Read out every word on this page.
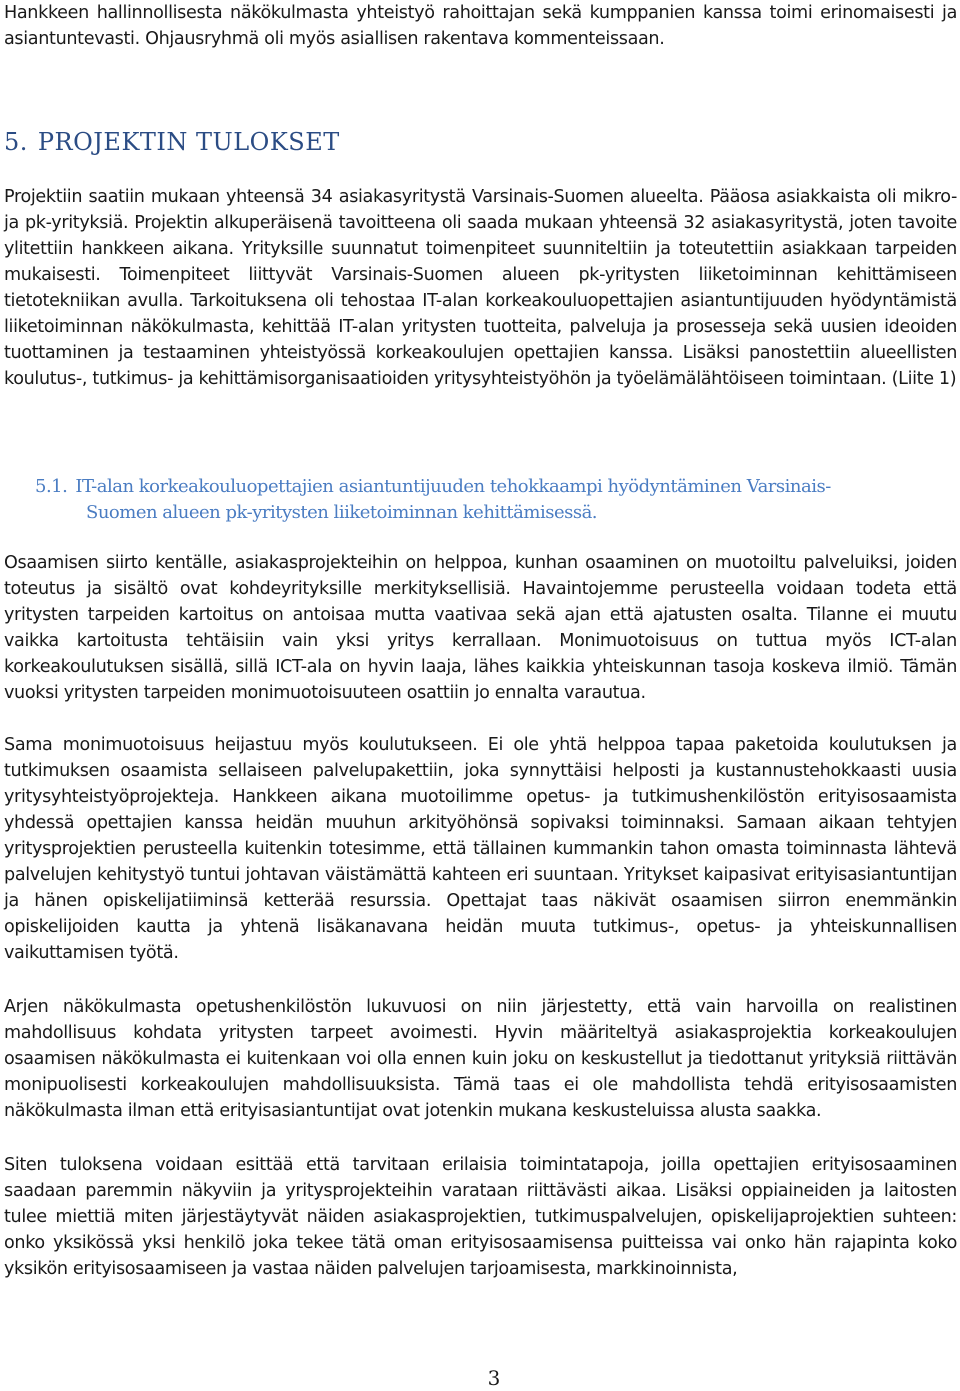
Hankkeen hallinnollisesta näkökulmasta yhteistyö rahoittajan sekä kumppanien kanssa toimi erinomaisesti ja asiantuntevasti. Ohjausryhmä oli myös asiallisen rakentava kommenteissaan.

5. PROJEKTIN TULOKSET

Projektiin saatiin mukaan yhteensä 34 asiakasyritystä Varsinais-Suomen alueelta. Pääosa asiakkaista oli mikro- ja pk-yrityksiä. Projektin alkuperäisenä tavoitteena oli saada mukaan yhteensä 32 asiakasyritystä, joten tavoite ylitettiin hankkeen aikana. Yrityksille suunnatut toimenpiteet suunniteltiin ja toteutettiin asiakkaan tarpeiden mukaisesti. Toimenpiteet liittyvät Varsinais-Suomen alueen pk-yritysten liiketoiminnan kehittämiseen tietotekniikan avulla. Tarkoituksena oli tehostaa IT-alan korkeakouluopettajien asiantuntijuuden hyödyntämistä liiketoiminnan näkökulmasta, kehittää IT-alan yritysten tuotteita, palveluja ja prosesseja sekä uusien ideoiden tuottaminen ja testaaminen yhteistyössä korkeakoulujen opettajien kanssa. Lisäksi panostettiin alueellisten koulutus-, tutkimus- ja kehittämisorganisaatioiden yritysyhteistyöhön ja työelämälähtöiseen toimintaan. (Liite 1)

5.1. IT-alan korkeakouluopettajien asiantuntijuuden tehokkaampi hyödyntäminen Varsinais-
Suomen alueen pk-yritysten liiketoiminnan kehittämisessä.

Osaamisen siirto kentälle, asiakasprojekteihin on helppoa, kunhan osaaminen on muotoiltu palveluiksi, joiden toteutus ja sisältö ovat kohdeyrityksille merkityksellisiä. Havaintojemme perusteella voidaan todeta että yritysten tarpeiden kartoitus on antoisaa mutta vaativaa sekä ajan että ajatusten osalta. Tilanne ei muutu vaikka kartoitusta tehtäisiin vain yksi yritys kerrallaan. Monimuotoisuus on tuttua myös ICT-alan korkeakoulutuksen sisällä, sillä ICT-ala on hyvin laaja, lähes kaikkia yhteiskunnan tasoja koskeva ilmiö. Tämän vuoksi yritysten tarpeiden monimuotoisuuteen osattiin jo ennalta varautua.

Sama monimuotoisuus heijastuu myös koulutukseen. Ei ole yhtä helppoa tapaa paketoida koulutuksen ja tutkimuksen osaamista sellaiseen palvelupakettiin, joka synnyttäisi helposti ja kustannustehokkaasti uusia yritysyhteistyöprojekteja. Hankkeen aikana muotoilimme opetus- ja tutkimushenkilöstön erityisosaamista yhdessä opettajien kanssa heidän muuhun arkityöhönsä sopivaksi toiminnaksi. Samaan aikaan tehtyjen yritysprojektien perusteella kuitenkin totesimme, että tällainen kummankin tahon omasta toiminnasta lähtevä palvelujen kehitystyö tuntui johtavan väistämättä kahteen eri suuntaan. Yritykset kaipasivat erityisasiantuntijan ja hänen opiskelijatiiminsä ketterää resurssia. Opettajat taas näkivät osaamisen siirron enemmänkin opiskelijoiden kautta ja yhtenä lisäkanavana heidän muuta tutkimus-, opetus- ja yhteiskunnallisen vaikuttamisen työtä.

Arjen näkökulmasta opetushenkilöstön lukuvuosi on niin järjestetty, että vain harvoilla on realistinen mahdollisuus kohdata yritysten tarpeet avoimesti. Hyvin määriteltyä asiakasprojektia korkeakoulujen osaamisen näkökulmasta ei kuitenkaan voi olla ennen kuin joku on keskustellut ja tiedottanut yrityksiä riittävän monipuolisesti korkeakoulujen mahdollisuuksista. Tämä taas ei ole mahdollista tehdä erityisosaamisten näkökulmasta ilman että erityisasiantuntijat ovat jotenkin mukana keskusteluissa alusta saakka.

Siten tuloksena voidaan esittää että tarvitaan erilaisia toimintatapoja, joilla opettajien erityisosaaminen saadaan paremmin näkyviin ja yritysprojekteihin varataan riittävästi aikaa. Lisäksi oppiaineiden ja laitosten tulee miettiä miten järjestäytyvät näiden asiakasprojektien, tutkimuspalvelujen, opiskelijaprojektien suhteen: onko yksikössä yksi henkilö joka tekee tätä oman erityisosaamisensa puitteissa vai onko hän rajapinta koko yksikön erityisosaamiseen ja vastaa näiden palvelujen tarjoamisesta, markkinoinnista,

3
